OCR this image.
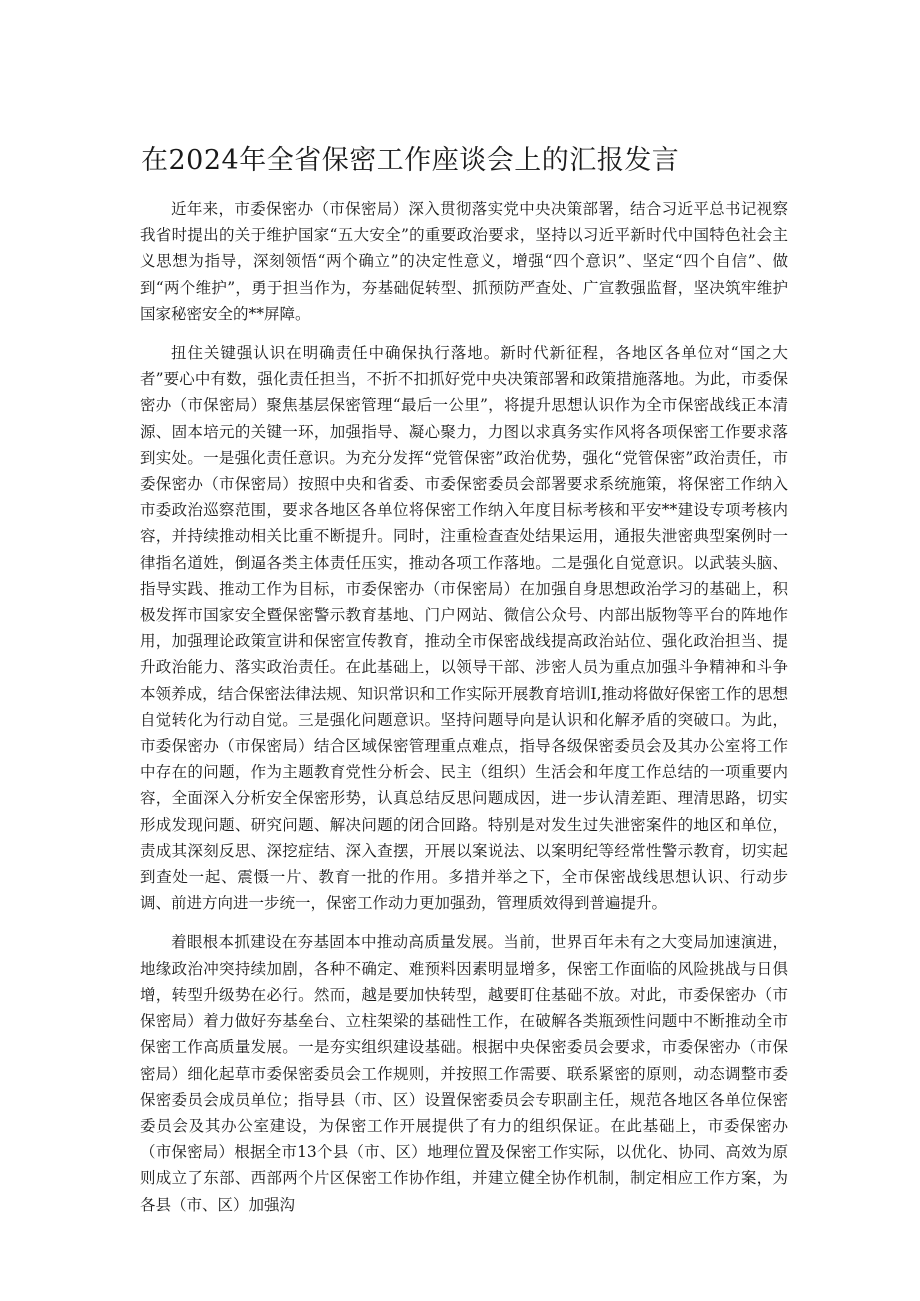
在2024年全省保密工作座谈会上的汇报发言

近年来，市委保密办（市保密局）深入贯彻落实党中央决策部署，结合习近平总书记视察我省时提出的关于维护国家“五大安全”的重要政治要求，坚持以习近平新时代中国特色社会主义思想为指导，深刻领悟“两个确立”的决定性意义，增强“四个意识”、坚定“四个自信”、做到“两个维护”，勇于担当作为，夯基础促转型、抓预防严查处、广宣教强监督，坚决筑牢维护国家秘密安全的**屏障。

扭住关键强认识在明确责任中确保执行落地。新时代新征程，各地区各单位对“国之大者”要心中有数，强化责任担当，不折不扣抓好党中央决策部署和政策措施落地。为此，市委保密办（市保密局）聚焦基层保密管理“最后一公里”，将提升思想认识作为全市保密战线正本清源、固本培元的关键一环，加强指导、凝心聚力，力图以求真务实作风将各项保密工作要求落到实处。一是强化责任意识。为充分发挥“党管保密”政治优势，强化“党管保密”政治责任，市委保密办（市保密局）按照中央和省委、市委保密委员会部署要求系统施策，将保密工作纳入市委政治巡察范围，要求各地区各单位将保密工作纳入年度目标考核和平安**建设专项考核内容，并持续推动相关比重不断提升。同时，注重检查查处结果运用，通报失泄密典型案例时一律指名道姓，倒逼各类主体责任压实，推动各项工作落地。二是强化自觉意识。以武装头脑、指导实践、推动工作为目标，市委保密办（市保密局）在加强自身思想政治学习的基础上，积极发挥市国家安全暨保密警示教育基地、门户网站、微信公众号、内部出版物等平台的阵地作用，加强理论政策宣讲和保密宣传教育，推动全市保密战线提高政治站位、强化政治担当、提升政治能力、落实政治责任。在此基础上，以领导干部、涉密人员为重点加强斗争精神和斗争本领养成，结合保密法律法规、知识常识和工作实际开展教育培训I,推动将做好保密工作的思想自觉转化为行动自觉。三是强化问题意识。坚持问题导向是认识和化解矛盾的突破口。为此，市委保密办（市保密局）结合区域保密管理重点难点，指导各级保密委员会及其办公室将工作中存在的问题，作为主题教育党性分析会、民主（组织）生活会和年度工作总结的一项重要内容，全面深入分析安全保密形势，认真总结反思问题成因，进一步认清差距、理清思路，切实形成发现问题、研究问题、解决问题的闭合回路。特别是对发生过失泄密案件的地区和单位，责成其深刻反思、深挖症结、深入查摆，开展以案说法、以案明纪等经常性警示教育，切实起到查处一起、震慑一片、教育一批的作用。多措并举之下，全市保密战线思想认识、行动步调、前进方向进一步统一，保密工作动力更加强劲，管理质效得到普遍提升。

着眼根本抓建设在夯基固本中推动高质量发展。当前，世界百年未有之大变局加速演进，地缘政治冲突持续加剧，各种不确定、难预料因素明显增多，保密工作面临的风险挑战与日俱增，转型升级势在必行。然而，越是要加快转型，越要盯住基础不放。对此，市委保密办（市保密局）着力做好夯基垒台、立柱架梁的基础性工作，在破解各类瓶颈性问题中不断推动全市保密工作高质量发展。一是夯实组织建设基础。根据中央保密委员会要求，市委保密办（市保密局）细化起草市委保密委员会工作规则，并按照工作需要、联系紧密的原则，动态调整市委保密委员会成员单位；指导县（市、区）设置保密委员会专职副主任，规范各地区各单位保密委员会及其办公室建设，为保密工作开展提供了有力的组织保证。在此基础上，市委保密办（市保密局）根据全市13个县（市、区）地理位置及保密工作实际，以优化、协同、高效为原则成立了东部、西部两个片区保密工作协作组，并建立健全协作机制，制定相应工作方案，为各县（市、区）加强沟
